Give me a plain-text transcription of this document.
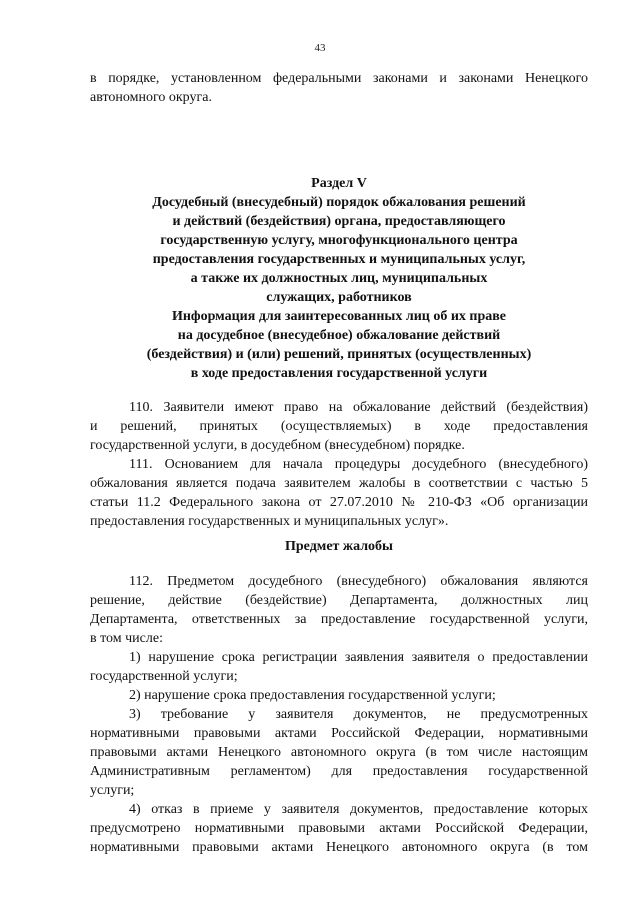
43

в порядке, установленном федеральными законами и законами Ненецкого

автономного округа.

Раздел V

Досудебный (внесудебный) порядок обжалования решений

и действий (бездействия) органа, предоставляющего

государственную услугу, многофункционального центра

предоставления государственных и муниципальных услуг,

а также их должностных лиц, муниципальных

служащих, работников

Информация для заинтересованных лиц об их праве

на досудебное (внесудебное) обжалование действий

(бездействия) и (или) решений, принятых (осуществленных)

в ходе предоставления государственной услуги

110. Заявители имеют право на обжалование действий (бездействия)

и решений, принятых (осуществляемых) в ходе предоставления

государственной услуги, в досудебном (внесудебном) порядке.

111. Основанием для начала процедуры досудебного (внесудебного)

обжалования является подача заявителем жалобы в соответствии с частью 5

статьи 11.2 Федерального закона от 27.07.2010 № 210-ФЗ «Об организации

предоставления государственных и муниципальных услуг».

Предмет жалобы

112. Предметом досудебного (внесудебного) обжалования являются

решение, действие (бездействие) Департамента, должностных лиц

Департамента, ответственных за предоставление государственной услуги,

в том числе:

1) нарушение срока регистрации заявления заявителя о предоставлении

государственной услуги;

2) нарушение срока предоставления государственной услуги;

3) требование у заявителя документов, не предусмотренных

нормативными правовыми актами Российской Федерации, нормативными

правовыми актами Ненецкого автономного округа (в том числе настоящим

Административным регламентом) для предоставления государственной

услуги;

4) отказ в приеме у заявителя документов, предоставление которых

предусмотрено нормативными правовыми актами Российской Федерации,

нормативными правовыми актами Ненецкого автономного округа (в том
